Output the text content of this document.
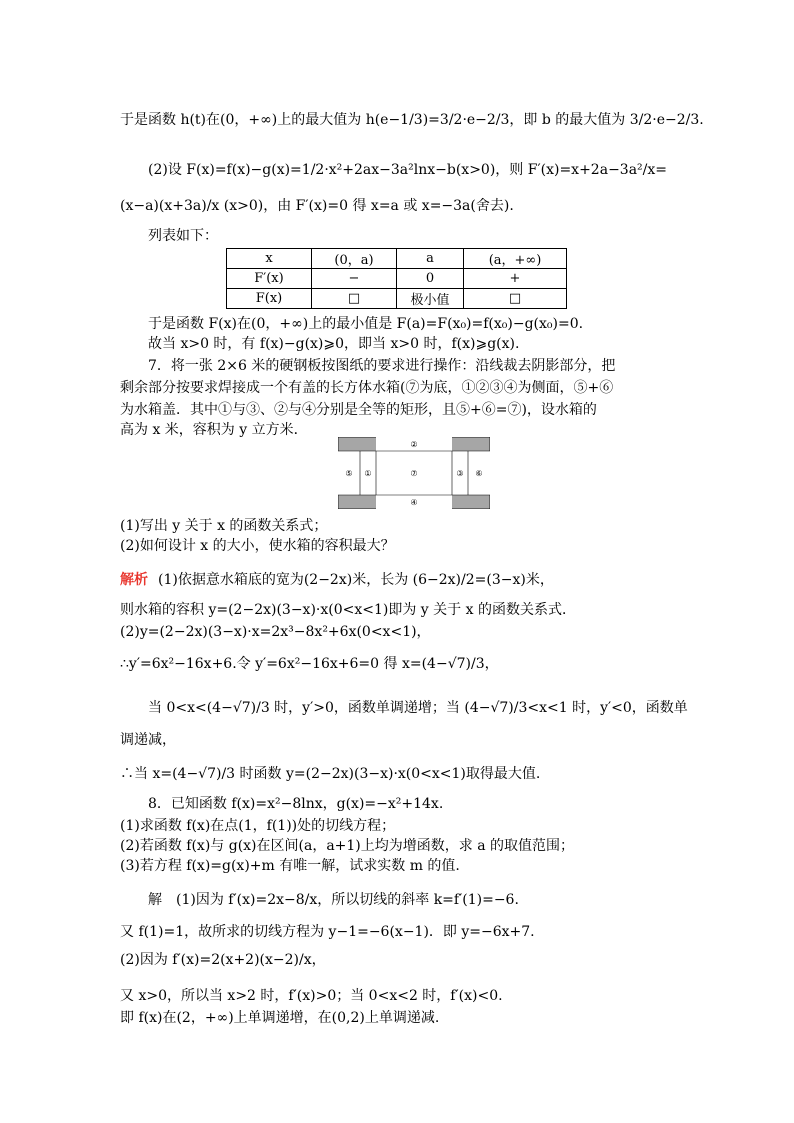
于是函数 h(t)在(0，+∞)上的最大值为 h(e−1/3)=3/2·e−2/3，即 b 的最大值为 3/2·e−2/3.
(2)设 F(x)=f(x)−g(x)=1/2·x²+2ax−3a²lnx−b(x>0)，则 F′(x)=x+2a−3a²/x=
(x−a)(x+3a)/x (x>0)，由 F′(x)=0 得 x=a 或 x=−3a(舍去).
列表如下：
x	(0，a)	a	(a，+∞)
F′(x)	−	0	+
F(x)	□	极小值	□
于是函数 F(x)在(0，+∞)上的最小值是 F(a)=F(x₀)=f(x₀)−g(x₀)=0.
故当 x>0 时，有 f(x)−g(x)⩾0，即当 x>0 时，f(x)⩾g(x).
7．将一张 2×6 米的硬钢板按图纸的要求进行操作：沿线裁去阴影部分，把
剩余部分按要求焊接成一个有盖的长方体水箱(⑦为底，①②③④为侧面，⑤+⑥
为水箱盖．其中①与③、②与④分别是全等的矩形，且⑤+⑥=⑦)，设水箱的
高为 x 米，容积为 y 立方米．
②
⑤ ①	⑦	③ ⑥
④
(1)写出 y 关于 x 的函数关系式；
(2)如何设计 x 的大小，使水箱的容积最大？
解析 (1)依据意水箱底的宽为(2−2x)米，长为 (6−2x)/2=(3−x)米，
则水箱的容积 y=(2−2x)(3−x)·x(0<x<1)即为 y 关于 x 的函数关系式．
(2)y=(2−2x)(3−x)·x=2x³−8x²+6x(0<x<1)，
∴y′=6x²−16x+6.令 y′=6x²−16x+6=0 得 x=(4−√7)/3，
当 0<x<(4−√7)/3 时，y′>0，函数单调递增；当 (4−√7)/3<x<1 时，y′<0，函数单
调递减，
∴当 x=(4−√7)/3 时函数 y=(2−2x)(3−x)·x(0<x<1)取得最大值.
8．已知函数 f(x)=x²−8lnx，g(x)=−x²+14x.
(1)求函数 f(x)在点(1，f(1))处的切线方程；
(2)若函数 f(x)与 g(x)在区间(a，a+1)上均为增函数，求 a 的取值范围；
(3)若方程 f(x)=g(x)+m 有唯一解，试求实数 m 的值.
解　(1)因为 f′(x)=2x−8/x，所以切线的斜率 k=f′(1)=−6.
又 f(1)=1，故所求的切线方程为 y−1=−6(x−1)．即 y=−6x+7.
(2)因为 f′(x)=2(x+2)(x−2)/x，
又 x>0，所以当 x>2 时，f′(x)>0；当 0<x<2 时，f′(x)<0.
即 f(x)在(2，+∞)上单调递增，在(0,2)上单调递减.
